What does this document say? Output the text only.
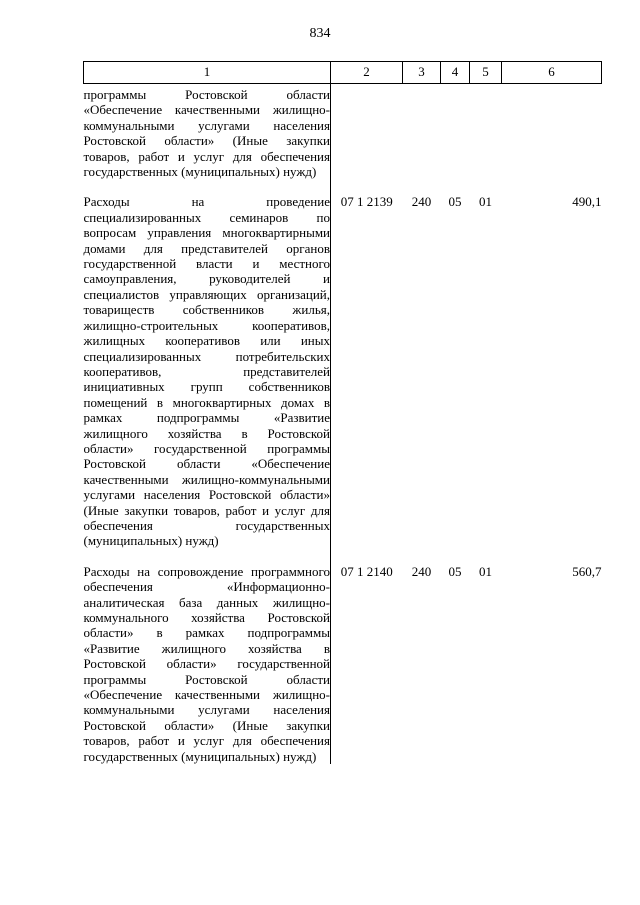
834
1	2	3	4	5	6
программы Ростовской области «Обеспечение качественными жилищно-коммунальными услугами населения Ростовской области» (Иные закупки товаров, работ и услуг для обеспечения государственных (муниципальных) нужд)					

Расходы на проведение специализированных семинаров по вопросам управления многоквартирными домами для представителей органов государственной власти и местного самоуправления, руководителей и специалистов управляющих организаций, товариществ собственников жилья, жилищно-строительных кооперативов, жилищных кооперативов или иных специализированных потребительских кооперативов, представителей инициативных групп собственников помещений в многоквартирных домах в рамках подпрограммы «Развитие жилищного хозяйства в Ростовской области» государственной программы Ростовской области «Обеспечение качественными жилищно-коммунальными услугами населения Ростовской области» (Иные закупки товаров, работ и услуг для обеспечения государственных (муниципальных) нужд)	07 1 2139	240	05	01	490,1

Расходы на сопровождение программного обеспечения «Информационно-аналитическая база данных жилищно-коммунального хозяйства Ростовской области» в рамках подпрограммы «Развитие жилищного хозяйства в Ростовской области» государственной программы Ростовской области «Обеспечение качественными жилищно-коммунальными услугами населения Ростовской области» (Иные закупки товаров, работ и услуг для обеспечения государственных (муниципальных) нужд)	07 1 2140	240	05	01	560,7
